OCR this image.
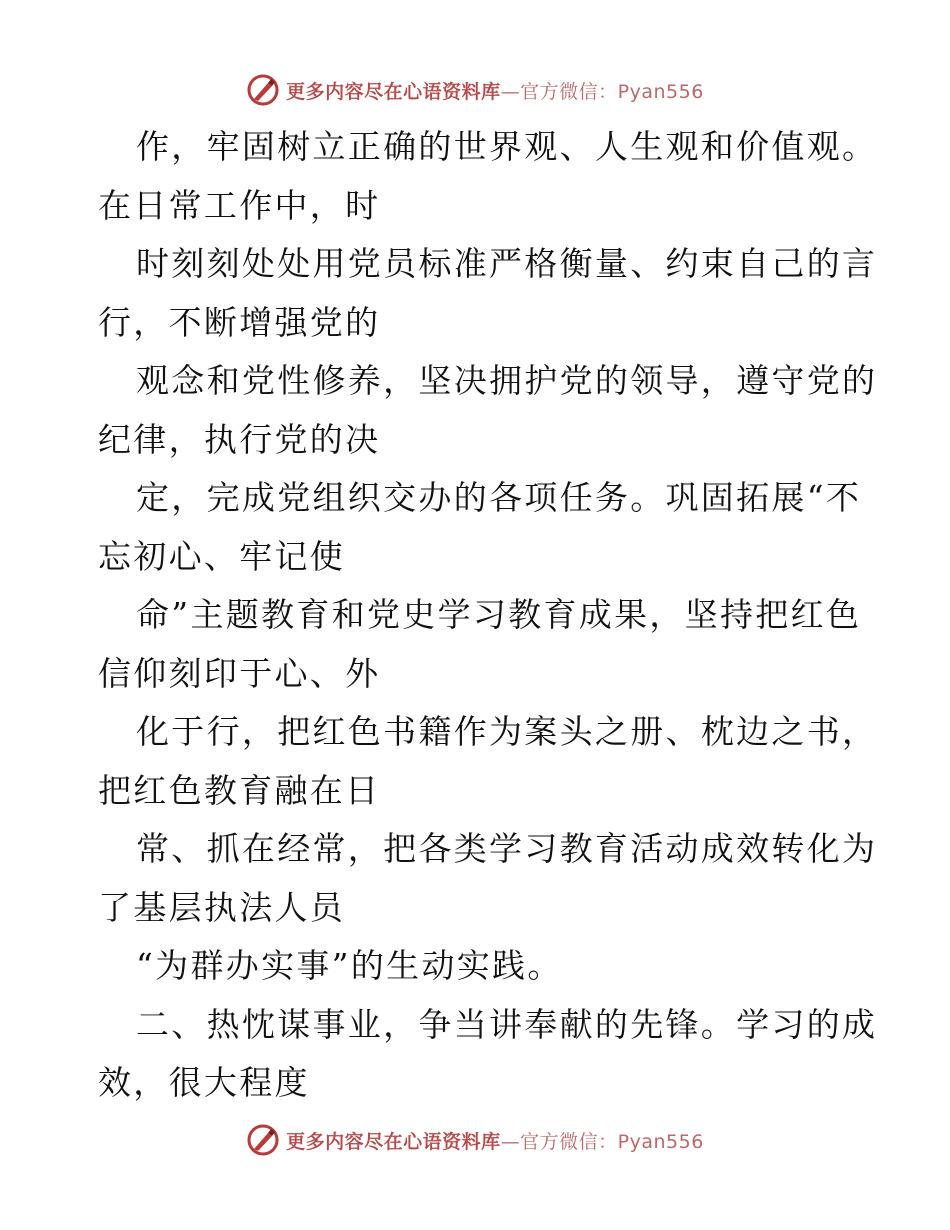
更多内容尽在心语资料库—官方微信：Pyan556
作，牢固树立正确的世界观、人生观和价值观。
在日常工作中，时
时刻刻处处用党员标准严格衡量、约束自己的言
行，不断增强党的
观念和党性修养，坚决拥护党的领导，遵守党的
纪律，执行党的决
定，完成党组织交办的各项任务。巩固拓展“不
忘初心、牢记使
命”主题教育和党史学习教育成果，坚持把红色
信仰刻印于心、外
化于行，把红色书籍作为案头之册、枕边之书，
把红色教育融在日
常、抓在经常，把各类学习教育活动成效转化为
了基层执法人员
“为群办实事”的生动实践。
二、热忱谋事业，争当讲奉献的先锋。学习的成
效，很大程度
更多内容尽在心语资料库—官方微信：Pyan556
